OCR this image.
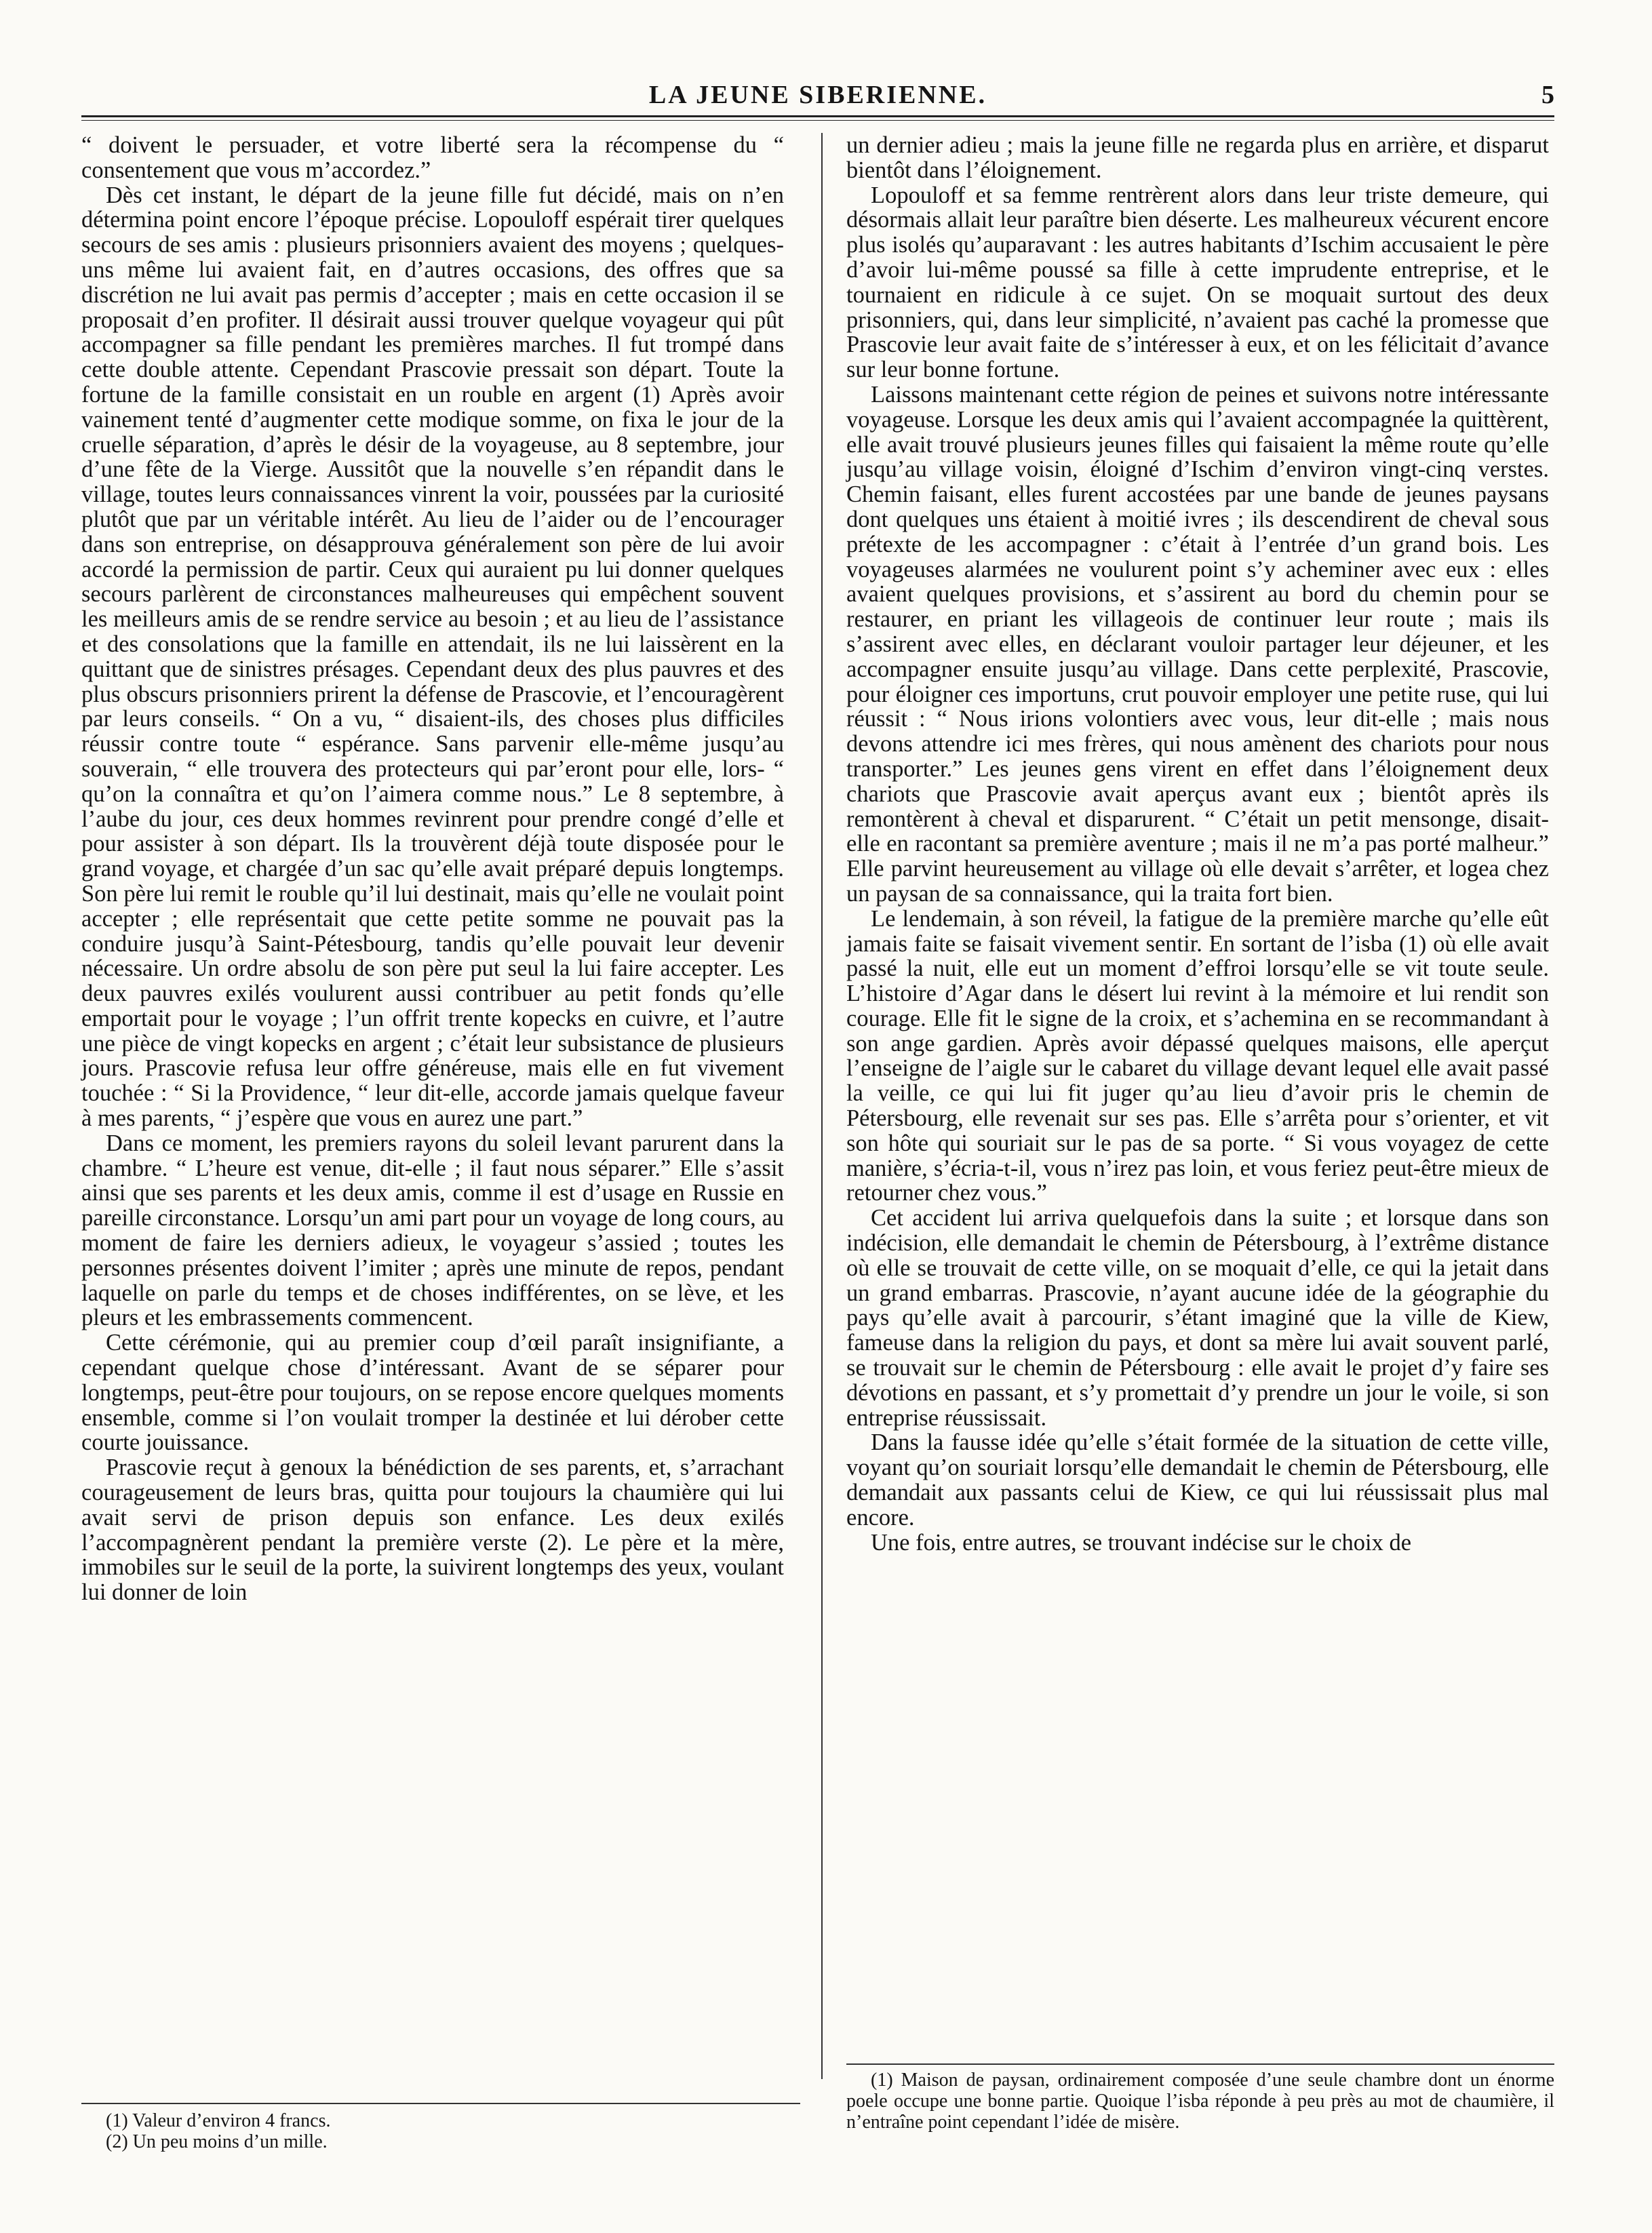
LA JEUNE SIBERIENNE.	5

“ doivent le persuader, et votre liberté sera la récompense du “ consentement que vous m’accordez.”

Dès cet instant, le départ de la jeune fille fut décidé, mais on n’en détermina point encore l’époque précise. Lopouloff espérait tirer quelques secours de ses amis : plusieurs prisonniers avaient des moyens ; quelques-uns même lui avaient fait, en d’autres occasions, des offres que sa discrétion ne lui avait pas permis d’accepter ; mais en cette occasion il se proposait d’en profiter. Il désirait aussi trouver quelque voyageur qui pût accompagner sa fille pendant les premières marches. Il fut trompé dans cette double attente. Cependant Prascovie pressait son départ. Toute la fortune de la famille consistait en un rouble en argent (1) Après avoir vainement tenté d’augmenter cette modique somme, on fixa le jour de la cruelle séparation, d’après le désir de la voyageuse, au 8 septembre, jour d’une fête de la Vierge. Aussitôt que la nouvelle s’en répandit dans le village, toutes leurs connaissances vinrent la voir, poussées par la curiosité plutôt que par un véritable intérêt. Au lieu de l’aider ou de l’encourager dans son entreprise, on désapprouva généralement son père de lui avoir accordé la permission de partir. Ceux qui auraient pu lui donner quelques secours parlèrent de circonstances malheureuses qui empêchent souvent les meilleurs amis de se rendre service au besoin ; et au lieu de l’assistance et des consolations que la famille en attendait, ils ne lui laissèrent en la quittant que de sinistres présages. Cependant deux des plus pauvres et des plus obscurs prisonniers prirent la défense de Prascovie, et l’encouragèrent par leurs conseils. “ On a vu, “ disaient-ils, des choses plus difficiles réussir contre toute “ espérance. Sans parvenir elle-même jusqu’au souverain, “ elle trouvera des protecteurs qui par’eront pour elle, lors- “ qu’on la connaîtra et qu’on l’aimera comme nous.” Le 8 septembre, à l’aube du jour, ces deux hommes revinrent pour prendre congé d’elle et pour assister à son départ. Ils la trouvèrent déjà toute disposée pour le grand voyage, et chargée d’un sac qu’elle avait préparé depuis longtemps. Son père lui remit le rouble qu’il lui destinait, mais qu’elle ne voulait point accepter ; elle représentait que cette petite somme ne pouvait pas la conduire jusqu’à Saint-Pétesbourg, tandis qu’elle pouvait leur devenir nécessaire. Un ordre absolu de son père put seul la lui faire accepter. Les deux pauvres exilés voulurent aussi contribuer au petit fonds qu’elle emportait pour le voyage ; l’un offrit trente kopecks en cuivre, et l’autre une pièce de vingt kopecks en argent ; c’était leur subsistance de plusieurs jours. Prascovie refusa leur offre généreuse, mais elle en fut vivement touchée : “ Si la Providence, “ leur dit-elle, accorde jamais quelque faveur à mes parents, “ j’espère que vous en aurez une part.”

Dans ce moment, les premiers rayons du soleil levant parurent dans la chambre. “ L’heure est venue, dit-elle ; il faut nous séparer.” Elle s’assit ainsi que ses parents et les deux amis, comme il est d’usage en Russie en pareille circonstance. Lorsqu’un ami part pour un voyage de long cours, au moment de faire les derniers adieux, le voyageur s’assied ; toutes les personnes présentes doivent l’imiter ; après une minute de repos, pendant laquelle on parle du temps et de choses indifférentes, on se lève, et les pleurs et les embrassements commencent.

Cette cérémonie, qui au premier coup d’œil paraît insignifiante, a cependant quelque chose d’intéressant. Avant de se séparer pour longtemps, peut-être pour toujours, on se repose encore quelques moments ensemble, comme si l’on voulait tromper la destinée et lui dérober cette courte jouissance.

Prascovie reçut à genoux la bénédiction de ses parents, et, s’arrachant courageusement de leurs bras, quitta pour toujours la chaumière qui lui avait servi de prison depuis son enfance. Les deux exilés l’accompagnèrent pendant la première verste (2). Le père et la mère, immobiles sur le seuil de la porte, la suivirent longtemps des yeux, voulant lui donner de loin

un dernier adieu ; mais la jeune fille ne regarda plus en arrière, et disparut bientôt dans l’éloignement.

Lopouloff et sa femme rentrèrent alors dans leur triste demeure, qui désormais allait leur paraître bien déserte. Les malheureux vécurent encore plus isolés qu’auparavant : les autres habitants d’Ischim accusaient le père d’avoir lui-même poussé sa fille à cette imprudente entreprise, et le tournaient en ridicule à ce sujet. On se moquait surtout des deux prisonniers, qui, dans leur simplicité, n’avaient pas caché la promesse que Prascovie leur avait faite de s’intéresser à eux, et on les félicitait d’avance sur leur bonne fortune.

Laissons maintenant cette région de peines et suivons notre intéressante voyageuse. Lorsque les deux amis qui l’avaient accompagnée la quittèrent, elle avait trouvé plusieurs jeunes filles qui faisaient la même route qu’elle jusqu’au village voisin, éloigné d’Ischim d’environ vingt-cinq verstes. Chemin faisant, elles furent accostées par une bande de jeunes paysans dont quelques uns étaient à moitié ivres ; ils descendirent de cheval sous prétexte de les accompagner : c’était à l’entrée d’un grand bois. Les voyageuses alarmées ne voulurent point s’y acheminer avec eux : elles avaient quelques provisions, et s’assirent au bord du chemin pour se restaurer, en priant les villageois de continuer leur route ; mais ils s’assirent avec elles, en déclarant vouloir partager leur déjeuner, et les accompagner ensuite jusqu’au village. Dans cette perplexité, Prascovie, pour éloigner ces importuns, crut pouvoir employer une petite ruse, qui lui réussit : “ Nous irions volontiers avec vous, leur dit-elle ; mais nous devons attendre ici mes frères, qui nous amènent des chariots pour nous transporter.” Les jeunes gens virent en effet dans l’éloignement deux chariots que Prascovie avait aperçus avant eux ; bientôt après ils remontèrent à cheval et disparurent. “ C’était un petit mensonge, disait-elle en racontant sa première aventure ; mais il ne m’a pas porté malheur.” Elle parvint heureusement au village où elle devait s’arrêter, et logea chez un paysan de sa connaissance, qui la traita fort bien.

Le lendemain, à son réveil, la fatigue de la première marche qu’elle eût jamais faite se faisait vivement sentir. En sortant de l’isba (1) où elle avait passé la nuit, elle eut un moment d’effroi lorsqu’elle se vit toute seule. L’histoire d’Agar dans le désert lui revint à la mémoire et lui rendit son courage. Elle fit le signe de la croix, et s’achemina en se recommandant à son ange gardien. Après avoir dépassé quelques maisons, elle aperçut l’enseigne de l’aigle sur le cabaret du village devant lequel elle avait passé la veille, ce qui lui fit juger qu’au lieu d’avoir pris le chemin de Pétersbourg, elle revenait sur ses pas. Elle s’arrêta pour s’orienter, et vit son hôte qui souriait sur le pas de sa porte. “ Si vous voyagez de cette manière, s’écria-t-il, vous n’irez pas loin, et vous feriez peut-être mieux de retourner chez vous.”

Cet accident lui arriva quelquefois dans la suite ; et lorsque dans son indécision, elle demandait le chemin de Pétersbourg, à l’extrême distance où elle se trouvait de cette ville, on se moquait d’elle, ce qui la jetait dans un grand embarras. Prascovie, n’ayant aucune idée de la géographie du pays qu’elle avait à parcourir, s’étant imaginé que la ville de Kiew, fameuse dans la religion du pays, et dont sa mère lui avait souvent parlé, se trouvait sur le chemin de Pétersbourg : elle avait le projet d’y faire ses dévotions en passant, et s’y promettait d’y prendre un jour le voile, si son entreprise réussissait.

Dans la fausse idée qu’elle s’était formée de la situation de cette ville, voyant qu’on souriait lorsqu’elle demandait le chemin de Pétersbourg, elle demandait aux passants celui de Kiew, ce qui lui réussissait plus mal encore.

Une fois, entre autres, se trouvant indécise sur le choix de

(1) Valeur d’environ 4 francs.

(2) Un peu moins d’un mille.

(1) Maison de paysan, ordinairement composée d’une seule chambre dont un énorme poele occupe une bonne partie. Quoique l’isba réponde à peu près au mot de chaumière, il n’entraîne point cependant l’idée de misère.
